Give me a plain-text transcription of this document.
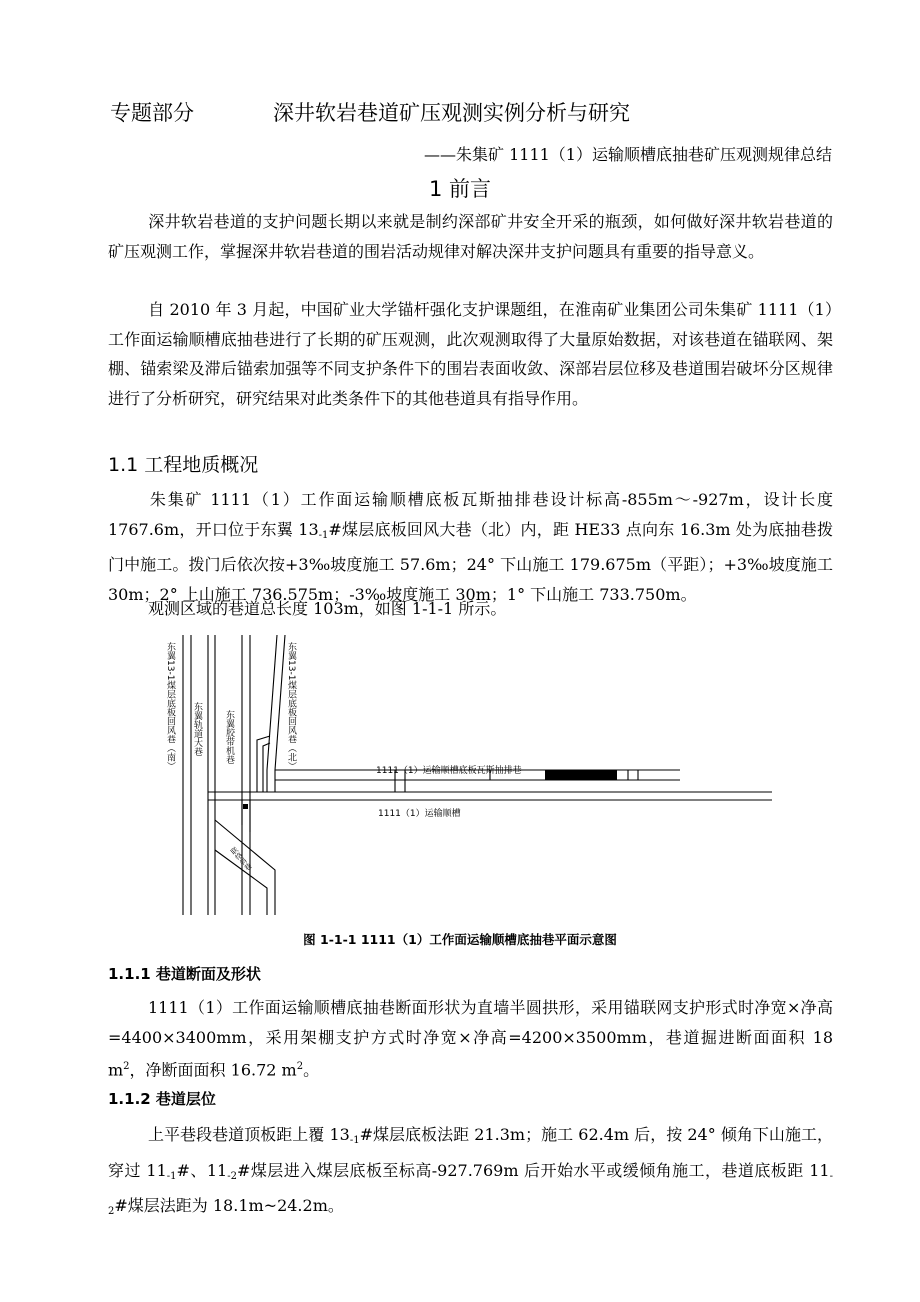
专题部分	深井软岩巷道矿压观测实例分析与研究
——朱集矿 1111（1）运输顺槽底抽巷矿压观测规律总结
1 前言

深井软岩巷道的支护问题长期以来就是制约深部矿井安全开采的瓶颈，如何做好深井软岩巷道的矿压观测工作，掌握深井软岩巷道的围岩活动规律对解决深井支护问题具有重要的指导意义。

自 2010 年 3 月起，中国矿业大学锚杆强化支护课题组，在淮南矿业集团公司朱集矿 1111（1）工作面运输顺槽底抽巷进行了长期的矿压观测，此次观测取得了大量原始数据，对该巷道在锚联网、架棚、锚索梁及滞后锚索加强等不同支护条件下的围岩表面收敛、深部岩层位移及巷道围岩破坏分区规律进行了分析研究，研究结果对此类条件下的其他巷道具有指导作用。

1.1 工程地质概况

朱集矿 1111（1）工作面运输顺槽底板瓦斯抽排巷设计标高-855m～-927m，设计长度 1767.6m，开口位于东翼 $13_{-1}\#$煤层底板回风大巷（北）内，距 HE33 点向东 16.3m 处为底抽巷拨门中施工。拨门后依次按+3‰坡度施工 57.6m；24° 下山施工 179.675m（平距）；+3‰坡度施工 30m；2° 上山施工 736.575m；-3‰坡度施工 30m；1° 下山施工 733.750m。

观测区域的巷道总长度 103m，如图 1-1-1 所示。

东翼13-1煤层底板回风巷（南） 东翼轨道大巷 东翼胶带机巷	东翼13-1煤层底板回风巷（北）
1111（1）运输顺槽底板瓦斯抽排巷
1111（1）运输顺槽
联络斜巷
图 1-1-1 1111（1）工作面运输顺槽底抽巷平面示意图
1.1.1 巷道断面及形状

1111（1）工作面运输顺槽底抽巷断面形状为直墙半圆拱形，采用锚联网支护形式时净宽×净高=4400×3400mm，采用架棚支护方式时净宽×净高=4200×3500mm，巷道掘进断面面积 18 $m^2$，净断面面积 16.72 $m^2$。

1.1.2 巷道层位

上平巷段巷道顶板距上覆 $13_{-1}\#$煤层底板法距 21.3m；施工 62.4m 后，按 24° 倾角下山施工，穿过 $11_{-1}\#$、$11_{-2}\#$煤层进入煤层底板至标高-927.769m 后开始水平或缓倾角施工，巷道底板距 $11_{-2}\#$煤层法距为 18.1m~24.2m。
